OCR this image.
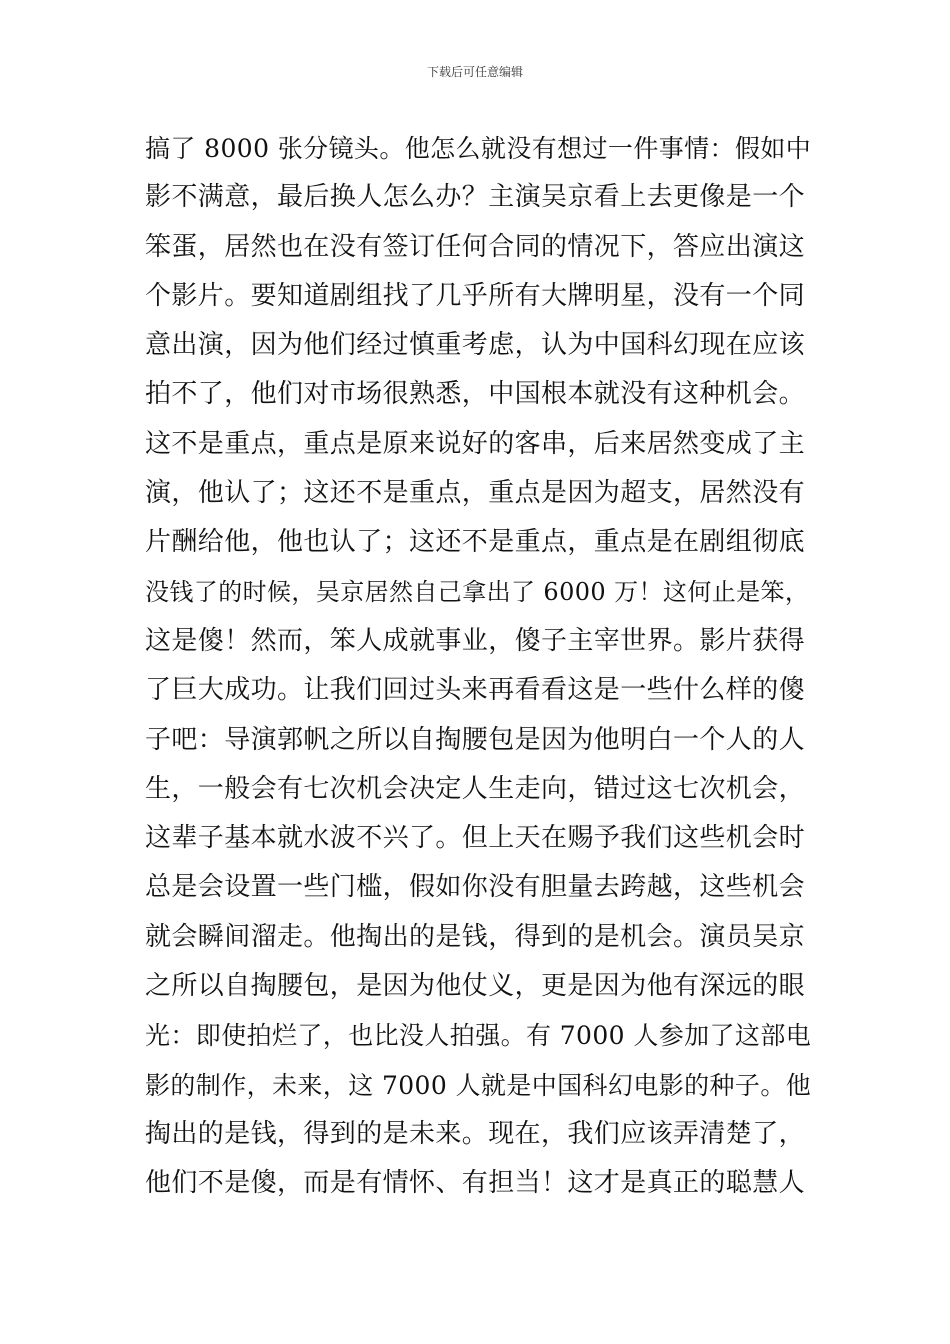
下载后可任意编辑
搞了 8000 张分镜头。他怎么就没有想过一件事情：假如中
影不满意，最后换人怎么办？主演吴京看上去更像是一个
笨蛋，居然也在没有签订任何合同的情况下，答应出演这
个影片。要知道剧组找了几乎所有大牌明星，没有一个同
意出演，因为他们经过慎重考虑，认为中国科幻现在应该
拍不了，他们对市场很熟悉，中国根本就没有这种机会。
这不是重点，重点是原来说好的客串，后来居然变成了主
演，他认了；这还不是重点，重点是因为超支，居然没有
片酬给他，他也认了；这还不是重点，重点是在剧组彻底
没钱了的时候，吴京居然自己拿出了 6000 万！这何止是笨，
这是傻！然而，笨人成就事业，傻子主宰世界。影片获得
了巨大成功。让我们回过头来再看看这是一些什么样的傻
子吧：导演郭帆之所以自掏腰包是因为他明白一个人的人
生，一般会有七次机会决定人生走向，错过这七次机会，
这辈子基本就水波不兴了。但上天在赐予我们这些机会时
总是会设置一些门槛，假如你没有胆量去跨越，这些机会
就会瞬间溜走。他掏出的是钱，得到的是机会。演员吴京
之所以自掏腰包，是因为他仗义，更是因为他有深远的眼
光：即使拍烂了，也比没人拍强。有 7000 人参加了这部电
影的制作，未来，这 7000 人就是中国科幻电影的种子。他
掏出的是钱，得到的是未来。现在，我们应该弄清楚了，
他们不是傻，而是有情怀、有担当！这才是真正的聪慧人
